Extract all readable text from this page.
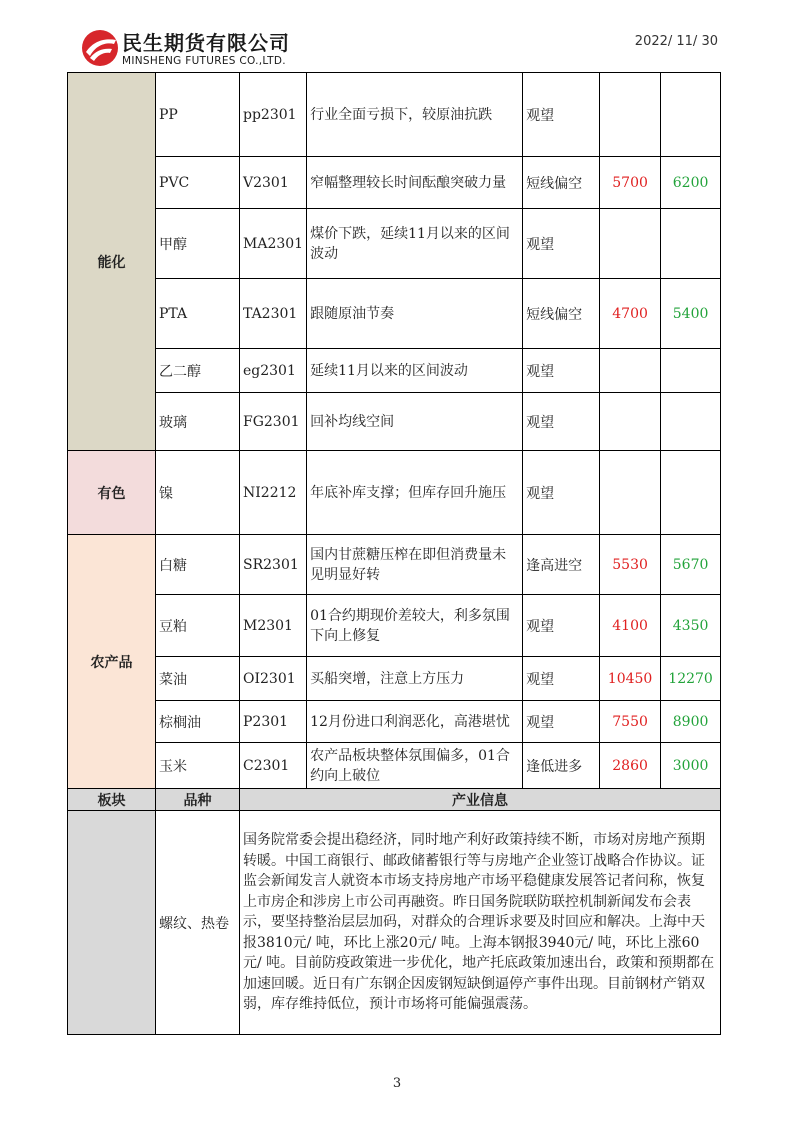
民生期货有限公司
MINSHENG FUTURES CO.,LTD.
2022/ 11/ 30
能化	PP	pp2301	行业全面亏损下，较原油抗跌	观望		
	PVC	V2301	窄幅整理较长时间酝酿突破力量	短线偏空	5700	6200
	甲醇	MA2301	煤价下跌，延续11月以来的区间波动	观望		
	PTA	TA2301	跟随原油节奏	短线偏空	4700	5400
	乙二醇	eg2301	延续11月以来的区间波动	观望		
	玻璃	FG2301	回补均线空间	观望		
有色	镍	NI2212	年底补库支撑；但库存回升施压	观望		
农产品	白糖	SR2301	国内甘蔗糖压榨在即但消费量未见明显好转	逢高进空	5530	5670
	豆粕	M2301	01合约期现价差较大，利多氛围下向上修复	观望	4100	4350
	菜油	OI2301	买船突增，注意上方压力	观望	10450	12270
	棕榈油	P2301	12月份进口利润恶化，高港堪忧	观望	7550	8900
	玉米	C2301	农产品板块整体氛围偏多，01合约向上破位	逢低进多	2860	3000
板块	品种	产业信息				
	螺纹、热卷	国务院常委会提出稳经济，同时地产利好政策持续不断，市场对房地产预期转暖。中国工商银行、邮政储蓄银行等与房地产企业签订战略合作协议。证监会新闻发言人就资本市场支持房地产市场平稳健康发展答记者问称，恢复上市房企和涉房上市公司再融资。昨日国务院联防联控机制新闻发布会表示，要坚持整治层层加码，对群众的合理诉求要及时回应和解决。上海中天报3810元/ 吨，环比上涨20元/ 吨。上海本钢报3940元/ 吨，环比上涨60元/ 吨。目前防疫政策进一步优化，地产托底政策加速出台，政策和预期都在加速回暖。近日有广东钢企因废钢短缺倒逼停产事件出现。目前钢材产销双弱，库存维持低位，预计市场将可能偏强震荡。				
3
